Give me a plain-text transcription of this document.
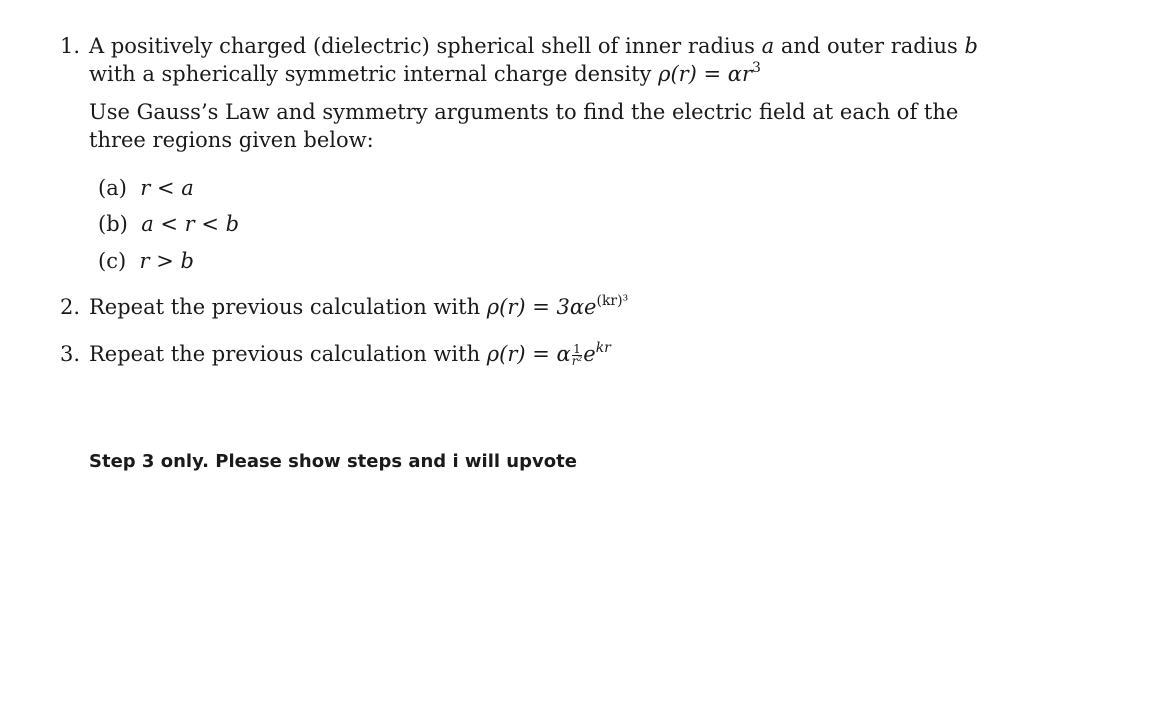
1. A positively charged (dielectric) spherical shell of inner radius a and outer radius b
with a spherically symmetric internal charge density $\rho(r) = \alpha r^3$
Use Gauss’s Law and symmetry arguments to find the electric field at each of the
three regions given below:
(a) r < a
(b) a < r < b
(c) r > b
2. Repeat the previous calculation with $\rho(r) = 3\alpha e^{(kr)^3}$
3. Repeat the previous calculation with ρ(r) = α $\frac{1}{\text{r²}} e^{kr}$
Step 3 only. Please show steps and i will upvote
